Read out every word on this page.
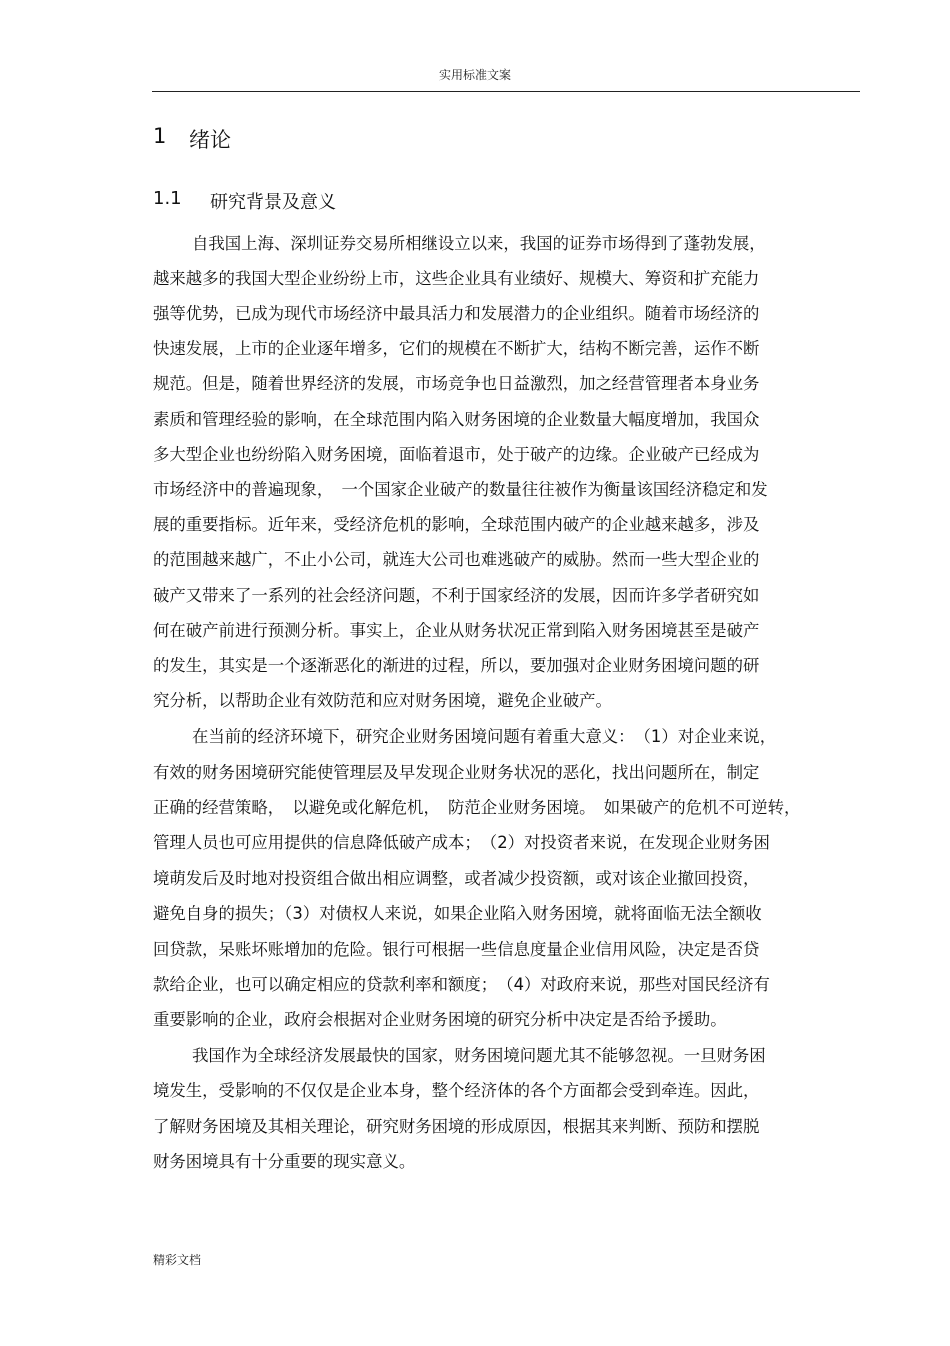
实用标准文案
1 绪论
1.1 研究背景及意义
自我国上海、深圳证券交易所相继设立以来，我国的证券市场得到了蓬勃发展，
越来越多的我国大型企业纷纷上市，这些企业具有业绩好、规模大、筹资和扩充能力
强等优势，已成为现代市场经济中最具活力和发展潜力的企业组织。随着市场经济的
快速发展，上市的企业逐年增多，它们的规模在不断扩大，结构不断完善，运作不断
规范。但是，随着世界经济的发展，市场竞争也日益激烈，加之经营管理者本身业务
素质和管理经验的影响，在全球范围内陷入财务困境的企业数量大幅度增加，我国众
多大型企业也纷纷陷入财务困境，面临着退市，处于破产的边缘。企业破产已经成为
市场经济中的普遍现象，　一个国家企业破产的数量往往被作为衡量该国经济稳定和发
展的重要指标。近年来，受经济危机的影响，全球范围内破产的企业越来越多，涉及
的范围越来越广，不止小公司，就连大公司也难逃破产的威胁。然而一些大型企业的
破产又带来了一系列的社会经济问题，不利于国家经济的发展，因而许多学者研究如
何在破产前进行预测分析。事实上，企业从财务状况正常到陷入财务困境甚至是破产
的发生，其实是一个逐渐恶化的渐进的过程，所以，要加强对企业财务困境问题的研
究分析，以帮助企业有效防范和应对财务困境，避免企业破产。
在当前的经济环境下，研究企业财务困境问题有着重大意义：　（1）对企业来说，
有效的财务困境研究能使管理层及早发现企业财务状况的恶化，找出问题所在，制定
正确的经营策略，　以避免或化解危机，　防范企业财务困境。　如果破产的危机不可逆转，
管理人员也可应用提供的信息降低破产成本；　（2）对投资者来说，在发现企业财务困
境萌发后及时地对投资组合做出相应调整，或者减少投资额，或对该企业撤回投资，
避免自身的损失；（3）对债权人来说，如果企业陷入财务困境，就将面临无法全额收
回贷款，呆账坏账增加的危险。银行可根据一些信息度量企业信用风险，决定是否贷
款给企业，也可以确定相应的贷款利率和额度；　（4）对政府来说，那些对国民经济有
重要影响的企业，政府会根据对企业财务困境的研究分析中决定是否给予援助。
我国作为全球经济发展最快的国家，财务困境问题尤其不能够忽视。一旦财务困
境发生，受影响的不仅仅是企业本身，整个经济体的各个方面都会受到牵连。因此，
了解财务困境及其相关理论，研究财务困境的形成原因，根据其来判断、预防和摆脱
财务困境具有十分重要的现实意义。
精彩文档
